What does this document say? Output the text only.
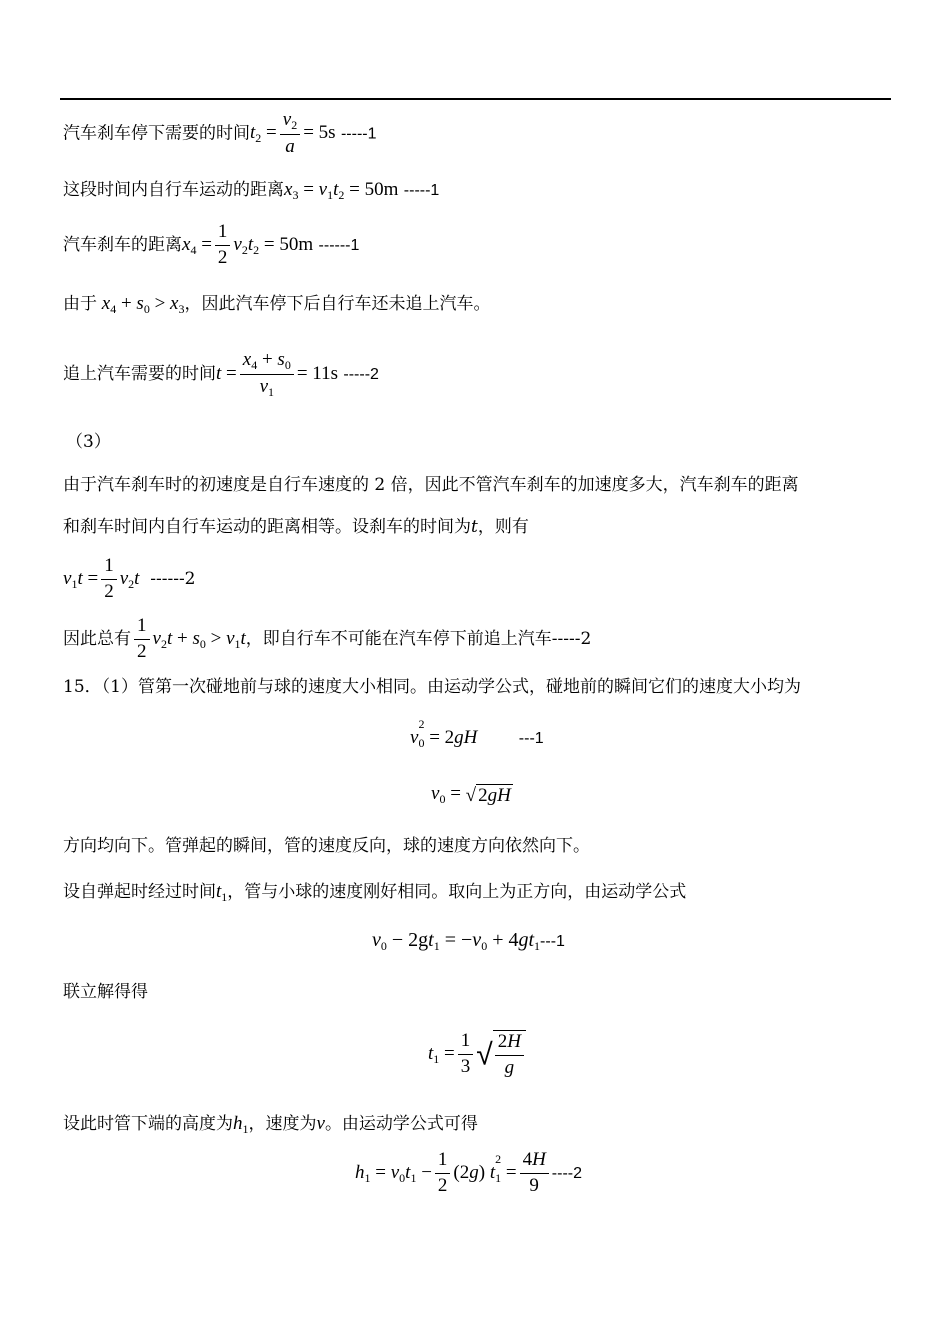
汽车刹车停下需要的时间$t_2 = \frac{v_2}{a} = 5s$ -----1
这段时间内自行车运动的距离$x_3 = v_1t_2 = 50m$ -----1
汽车刹车的距离$x_4 = \frac{1}{2} v_2t_2 = 50m$ ------1
由于 $x_4 + s_0 > x_3$，因此汽车停下后自行车还未追上汽车。
追上汽车需要的时间$t = \frac{x_4 + s_0}{v_1} = 11s$ -----2
（3）
由于汽车刹车时的初速度是自行车速度的 2 倍，因此不管汽车刹车的加速度多大，汽车刹车的距离
和刹车时间内自行车运动的距离相等。设刹车的时间为t，则有
$v_1t = \frac{1}{2} v_2t$ ------2
因此总有 $\frac{1}{2} v_2t + s_0 > v_1t$，即自行车不可能在汽车停下前追上汽车-----2
15．（1）管第一次碰地前与球的速度大小相同。由运动学公式，碰地前的瞬间它们的速度大小均为
v
2
$_0$ = 2gH	---1
$v_0$ = √ 2gH
方向均向下。管弹起的瞬间，管的速度反向，球的速度方向依然向下。
设自弹起时经过时间$t_1$，管与小球的速度刚好相同。取向上为正方向，由运动学公式
$v_0 - 2gt_1 = -v_0 + 4gt_1---1$
联立解得得
$t_1 = \frac{1}{3}$ √ $\frac{2H}{g}$
设此时管下端的高度为$h_1$，速度为v。由运动学公式可得
$h_1 = v_0t_1 - \frac{1}{2} (2g)$ t
2
$_1 = \frac{4H}{9} ----2$
